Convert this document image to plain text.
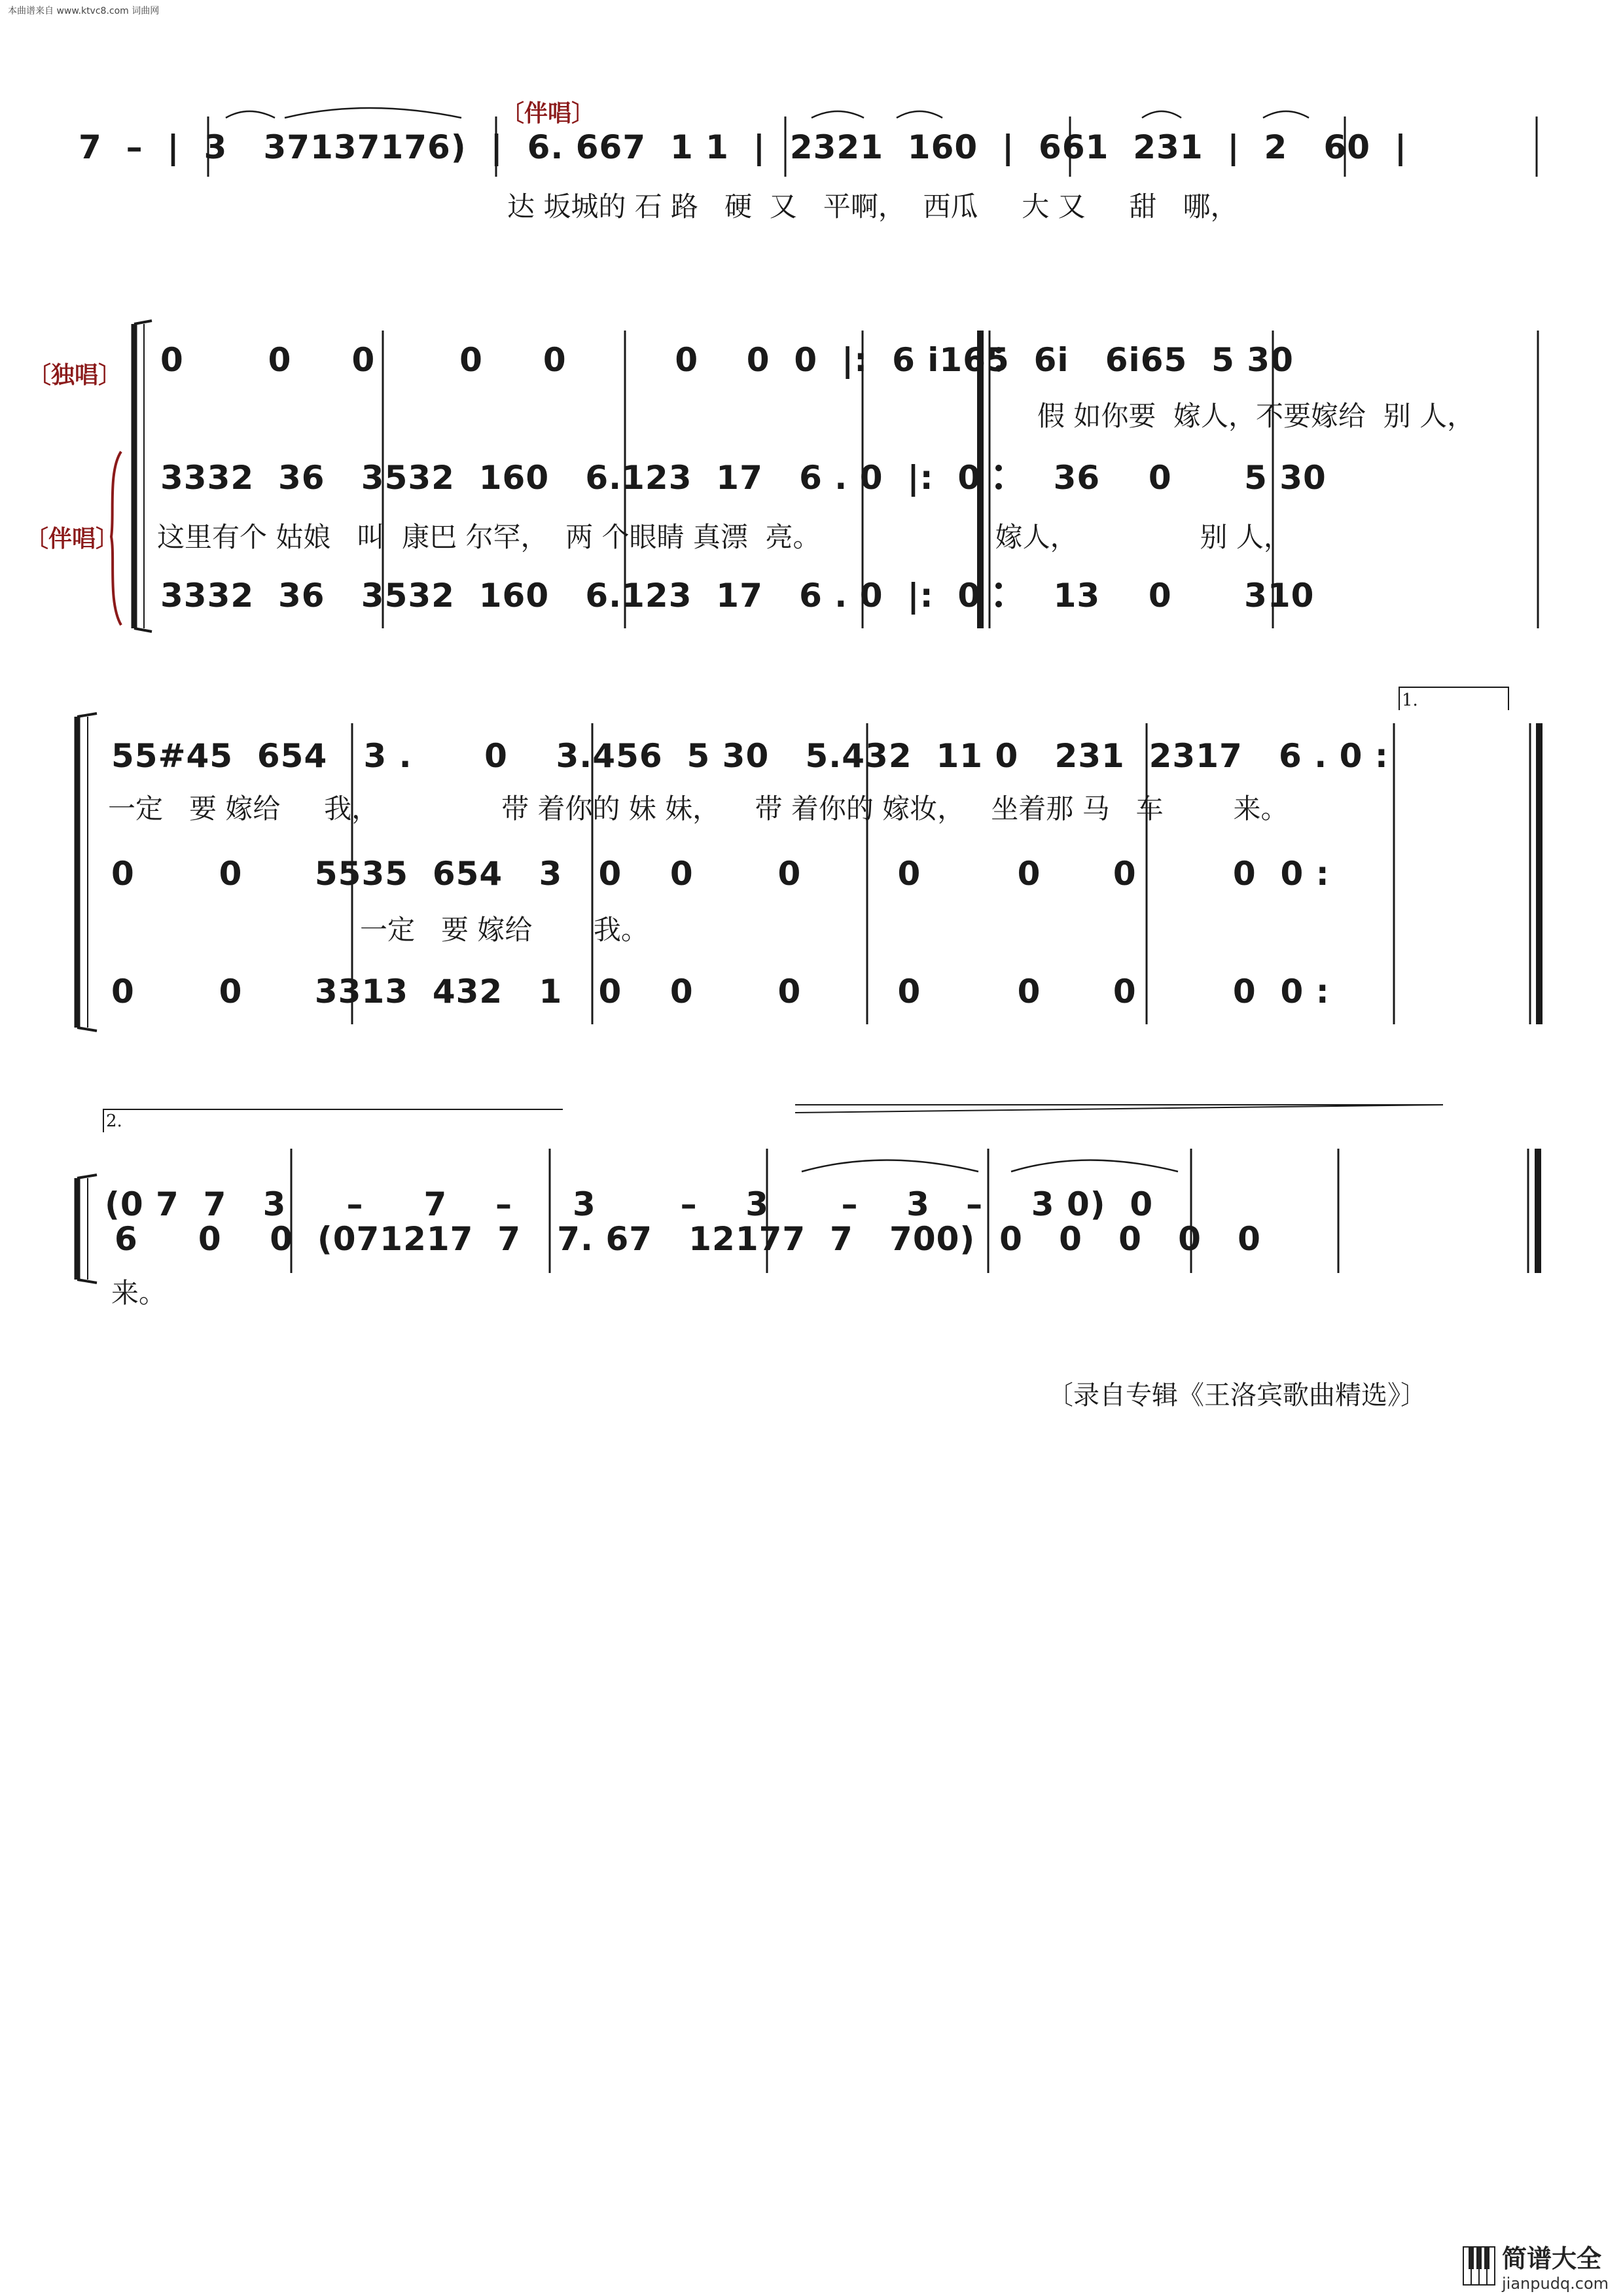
本曲谱来自 www.ktvc8.com 词曲网
〔伴唱〕
7  –  |  3   37137176)  |  6. 667  1 1  |  2321  160  |  661  231  |  2   60  |
达 坂城的 石 路   硬  又   平啊，  西瓜     大 又     甜   哪，
〔独唱〕
〔伴唱〕
0       0     0       0     0         0    0  0  |:  6 i165  6i   6i65  5 30
假 如你要  嫁人，不要嫁给  别 人，
3332  36   3532  160   6.123  17   6 . 0  |:  0      36    0      5 30
这里有个 姑娘   叫  康巴 尔罕，  两 个眼睛 真漂  亮。                    嫁人，              别 人，
3332  36   3532  160   6.123  17   6 . 0  |:  0      13    0      310
1.
55#45  654   3 .      0    3.456  5 30   5.432  11 0   231  2317   6 . 0 :
一定   要 嫁给     我，              带 着你的 妹 妹，    带 着你的 嫁妆，   坐着那 马   车        来。
0       0      5535  654   3   0    0       0        0        0      0        0  0 :
一定   要 嫁给       我。
0       0      3313  432   1   0    0       0        0        0      0        0  0 :
2.
(0 7  7   3     –     7    –     3       –    3      –    3   –    3 0)  0
6     0    0  (071217  7   7. 67   12177  7   700)  0   0   0   0   0
来。
〔录自专辑《王洛宾歌曲精选》〕
简谱大全
jianpudq.com
